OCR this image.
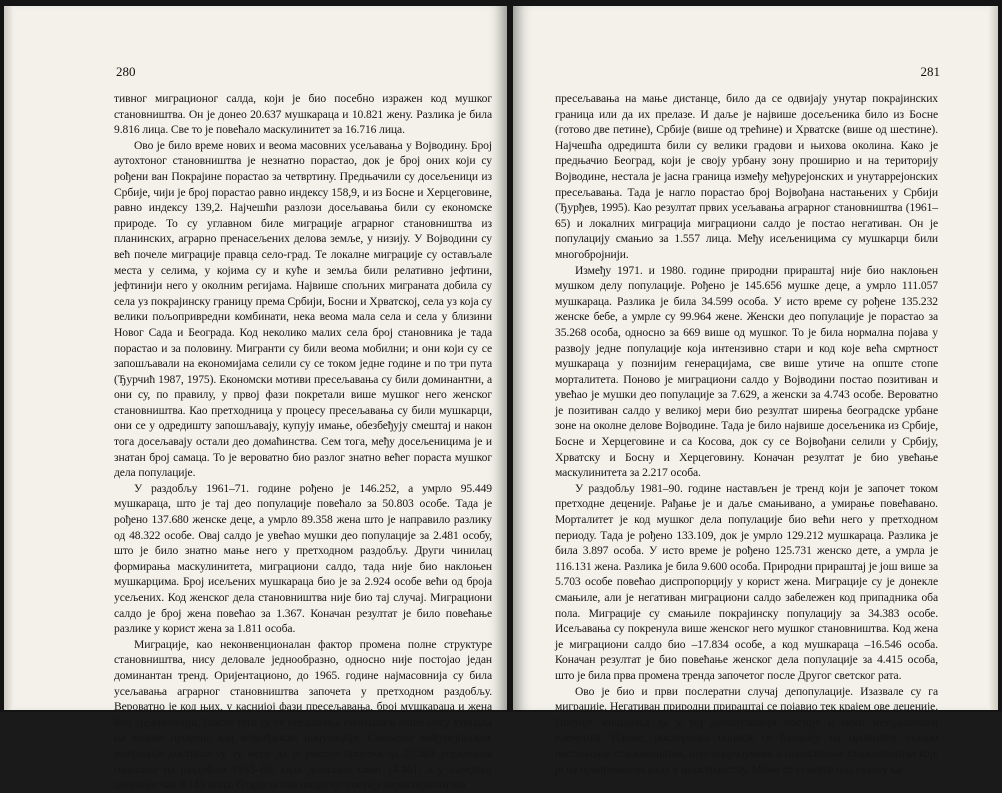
280

тивног миграционог салда, који је био посебно изражен код мушког становништва. Он је донео 20.637 мушкараца и 10.821 жену. Разлика је била 9.816 лица. Све то је повећало маскулинитет за 16.716 лица.

Ово је било време нових и веома масовних усељавања у Војводину. Број аутохтоног становништва је незнатно порастао, док је број оних који су рођени ван Покрајине порастао за четвртину. Предњачили су досељеници из Србије, чији је број порастао равно индексу 158,9, и из Босне и Херцеговине, равно индексу 139,2. Најчешћи разлози досељавања били су економске природе. То су углавном биле миграције аграрног становништва из планинских, аграрно пренасељених делова земље, у низију. У Војводини су већ почеле миграције правца село-град. Те локалне миграције су остављале места у селима, у којима су и куће и земља били релативно јефтини, јефтинији него у околним регијама. Највише спољних миграната добила су села уз покрајинску границу према Србији, Босни и Хрватској, села уз која су велики пољопривредни комбинати, нека веома мала села и села у близини Новог Сада и Београда. Код неколико малих села број становника је тада порастао и за половину. Мигранти су били веома мобилни; и они који су се запошљавали на економијама селили су се током једне године и по три пута (Ђурчић 1987, 1975). Економски мотиви пресељавања су били доминантни, а они су, по правилу, у првој фази покретали више мушког него женског становништва. Као претходница у процесу пресељавања су били мушкарци, они се у одредишту запошљавају, купују имање, обезбеђују смештај и након тога досељавају остали део домаћинства. Сем тога, међу досељеницима је и знатан број самаца. То је вероватно био разлог знатно већег пораста мушког дела популације.

У раздобљу 1961–71. године рођено је 146.252, а умрло 95.449 мушкараца, што је тај део популације повећало за 50.803 особе. Тада је рођено 137.680 женске деце, а умрло 89.358 жена што је направило разлику од 48.322 особе. Овај салдо је увећао мушки део популације за 2.481 особу, што је било знатно мање него у претходном раздобљу. Други чинилац формирања маскулинитета, миграциони салдо, тада није био наклоњен мушкарцима. Број исељених мушкараца био је за 2.924 особе већи од броја усељених. Код женског дела становништва није био тај случај. Миграциони салдо је број жена повећао за 1.367. Коначан резултат је било повећање разлике у корист жена за 1.811 особа.

Миграције, као неконвенционалан фактор промена полне структуре становништва, нису деловале једнообразно, односно није постојао један доминантан тренд. Оријентационо, до 1965. године најмасовнија су била усељавања аграрног становништва започета у претходном раздобљу. Вероватно је код њих, у каснијој фази пресељавања, број мушкараца и жена био уједначенији. После тога су се усељавања смањила и више нису утицала на велике промене код војвођанске популације. Смањење међурејонских миграција достигла су ту меру да је уместо просека од 27.303 усељеника годишње из раздобља 1953–60, када долазило само 14.461, а у наредној деценији чак 9.143 лица. Отада за ово подручје постају карактеристична

281

пресељавања на мање дистанце, било да се одвијају унутар покрајинских граница или да их прелазе. И даље је највише досељеника било из Босне (готово две петине), Србије (више од трећине) и Хрватске (више од шестине). Најчешћа одредишта били су велики градови и њихова околина. Како је предњачио Београд, који је своју урбану зону проширио и на територију Војводине, нестала је јасна граница између међурејонских и унутаррејонских пресељавања. Тада је нагло порастао број Војвођана настањених у Србији (Ђурђев, 1995). Као резултат првих усељавања аграрног становништва (1961–65) и локалних миграција миграциони салдо је постао негативан. Он је популацију смањио за 1.557 лица. Међу исељеницима су мушкарци били многобројнији.

Између 1971. и 1980. године природни прираштај није био наклоњен мушком делу популације. Рођено је 145.656 мушке деце, а умрло 111.057 мушкараца. Разлика је била 34.599 особа. У исто време су рођене 135.232 женске бебе, а умрле су 99.964 жене. Женски део популације је порастао за 35.268 особа, односно за 669 више од мушког. То је била нормална појава у развоју једне популације која интензивно стари и код које већа смртност мушкараца у познијим генерацијама, све више утиче на опште стопе морталитета. Поново је миграциони салдо у Војводини постао позитиван и увећао је мушки део популације за 7.629, а женски за 4.743 особе. Вероватно је позитиван салдо у великој мери био резултат ширења београдске урбане зоне на околне делове Војводине. Тада је било највише досељеника из Србије, Босне и Херцеговине и са Косова, док су се Војвођани селили у Србију, Хрватску и Босну и Херцеговину. Коначан резултат је био увећање маскулинитета за 2.217 особа.

У раздобљу 1981–90. године настављен је тренд који је започет током претходне деценије. Рађање је и даље смањивано, а умирање повећавано. Морталитет је код мушког дела популације био већи него у претходном периоду. Тада је рођено 133.109, док је умрло 129.212 мушкараца. Разлика је била 3.897 особа. У исто време је рођено 125.731 женско дете, а умрла је 116.131 жена. Разлика је била 9.600 особа. Природни прираштај је још више за 5.703 особе повећао диспропорцију у корист жена. Миграције су је донекле смањиле, али је негативан миграциони салдо забележен код припадника оба пола. Миграције су смањиле покрајинску популацију за 34.383 особе. Исељавања су покренула више женског него мушког становништва. Код жена је миграциони салдо био –17.834 особе, а код мушкараца –16.546 особа. Коначан резултат је био повећање женског дела популације за 4.415 особа, што је била прва промена тренда започетог после Другог светског рата.

Ово је био и први послератни случај депопулације. Изазвале су га миграције. Негативан природни прираштај се појавио тек крајем ове деценије. Постоје мишљења да у тој депопулацији постоје и неки методолошки елементи. Наиме, послератни пописи се базирају на принципу стално настањеног становништва, што подразумева и пописивање становништва које је на привременом раду у иностранству. Може се ставити под сумњу ка-
